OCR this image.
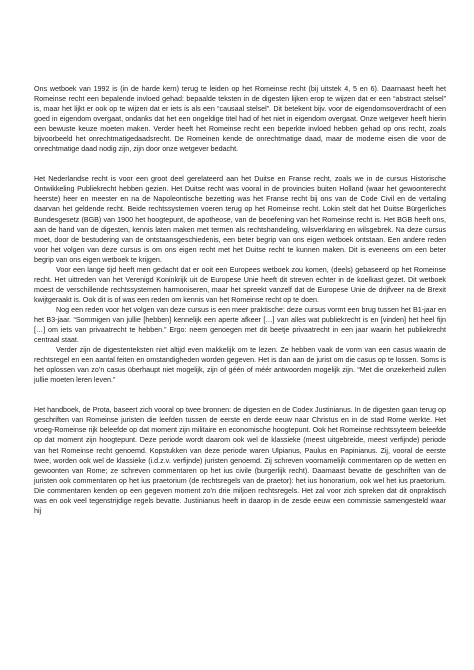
Ons wetboek van 1992 is (in de harde kern) terug te leiden op het Romeinse recht (bij uitstek 4, 5 en 6). Daarnaast heeft het Romeinse recht een bepalende invloed gehad: bepaalde teksten in de digesten lijken erop te wijzen dat er een “abstract stelsel” is, maar het lijkt er ook op te wijzen dat er iets is als een “causaal stelsel”. Dit betekent bijv. voor de eigendomsoverdracht of een goed in eigendom overgaat, ondanks dat het een ongeldige titel had of het niet in eigendom overgaat. Onze wetgever heeft hierin een bewuste keuze moeten maken. Verder heeft het Romeinse recht een beperkte invloed hebben gehad op ons recht, zoals bijvoorbeeld het onrechtmatigedaadsrecht. De Romeinen kende de onrechtmatige daad, maar de moderne eisen die voor de onrechtmatige daad nodig zijn, zijn door onze wetgever bedacht.

Het Nederlandse recht is voor een groot deel gerelateerd aan het Duitse en Franse recht, zoals we in de cursus Historische Ontwikkeling Publiekrecht hebben gezien. Het Duitse recht was vooral in de provincies buiten Holland (waar het gewoonterecht heerste) heer en meester en na de Napoleontische bezetting was het Franse recht bij ons van de Code Civil en de vertaling daarvan het geldende recht. Beide rechtssystemen voeren terug op het Romeinse recht. Lokin stelt dat het Duitse Bürgerliches Bundesgesetz (BGB) van 1900 het hoogtepunt, de apotheose, van de beoefening van het Romeinse recht is. Het BGB heeft ons, aan de hand van de digesten, kennis laten maken met termen als rechtshandeling, wilsverklaring en wilsgebrek. Na deze cursus moet, door de bestudering van de ontstaansgeschiedenis, een beter begrip van ons eigen wetboek ontstaan. Een andere reden voor het volgen van deze cursus is om ons eigen recht met het Duitse recht te kunnen maken. Dit is eveneens om een beter begrip van ons eigen wetboek te krijgen.

Voor een lange tijd heeft men gedacht dat er ooit een Europees wetboek zou komen, (deels) gebaseerd op het Romeinse recht. Het uittreden van het Verenigd Koninkrijk uit de Europese Unie heeft dit streven echter in de koelkast gezet. Dit wetboek moest de verschillende rechtssystemen harmoniseren, maar het spreekt vanzelf dat de Europese Unie de drijfveer na de Brexit kwijtgeraakt is. Ook dit is of was een reden om kennis van het Romeinse recht op te doen.

Nog een reden voor het volgen van deze cursus is een meer praktische: deze cursus vormt een brug tussen het B1-jaar en het B3-jaar. “Sommigen van jullie [hebben] kennelijk een aperte afkeer […] van alles wat publiekrecht is en [vinden] het heel fijn […] om iets van privaatrecht te hebben.” Ergo: neem genoegen met dit beetje privaatrecht in een jaar waarin het publiekrecht centraal staat.

Verder zijn de digestenteksten niet altijd even makkelijk om te lezen. Ze hebben vaak de vorm van een casus waarin de rechtsregel en een aantal feiten en omstandigheden worden gegeven. Het is dan aan de jurist om die casus op te lossen. Soms is het oplossen van zo’n casus überhaupt niet mogelijk, zijn of géén of méér antwoorden mogelijk zijn. “Met die onzekerheid zullen jullie moeten leren leven.”

Het handboek, de Prota, baseert zich vooral op twee bronnen: de digesten en de Codex Justinianus. In de digesten gaan terug op geschriften van Romeinse juristen die leefden tussen de eerste en derde eeuw naar Christus en in de stad Rome werkte. Het vroeg-Romeinse rijk beleefde op dat moment zijn militaire en economische hoogtepunt. Ook het Romeinse rechtssyteem beleefde op dat moment zijn hoogtepunt. Deze periode wordt daarom ook wel de klassieke (meest uitgebreide, meest verfijnde) periode van het Romeinse recht genoemd. Kopstukken van deze periode waren Ulpianus, Paulus en Papinianus. Zij, vooral de eerste twee, worden ook wel de klassieke (i.d.z.v. verfijnde) juristen genoemd. Zij schreven voornamelijk commentaren op de wetten en gewoonten van Rome; ze schreven commentaren op het ius civile (burgerlijk recht). Daarnaast bevatte de geschriften van de juristen ook commentaren op het ius praetorium (de rechtsregels van de praetor): het ius honorarium, ook wel het ius praetorium. Die commentaren kenden op een gegeven moment zo’n drie miljoen rechtsregels. Het zal voor zich spreken dat dit onpraktisch was en ook veel tegenstrijdige regels bevatte. Justinianus heeft in daarop in de zesde eeuw een commissie samengesteld waar hij
